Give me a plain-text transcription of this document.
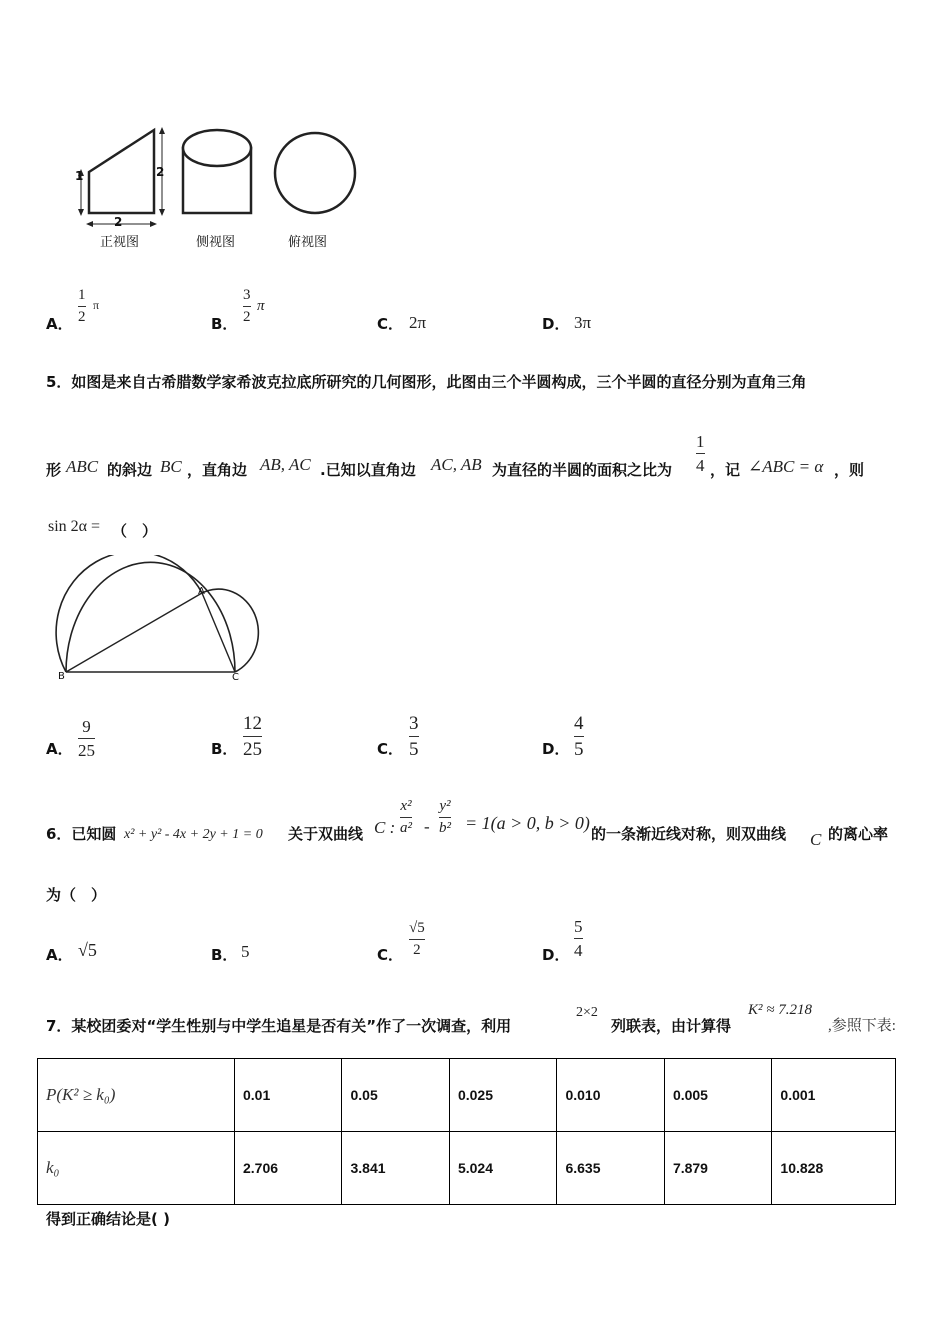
1	2
2
正视图	侧视图	俯视图
A．
1
2
π
B．
3
2
π
C． 2π	D． 3π
5．如图是来自古希腊数学家希波克拉底所研究的几何图形，此图由三个半圆构成，三个半圆的直径分别为直角三角
形 ABC 的斜边 BC ，直角边 AB, AC .已知以直角边 AC, AB 为直径的半圆的面积之比为
1
4 ，记 ∠ABC = α ，则
sin 2α = （　）
A
B	C
A．
9
25	B．
12
25	C．
3
5	D．
4
5
6．已知圆 x² + y² - 4x + 2y + 1 = 0 关于双曲线 C :
x²
a² -
y²
b² = 1(a > 0, b > 0)
的一条渐近线对称，则双曲线 C 的离心率
为（　）
A． √5	B． 5	C．
√5
2	D．
5
4
7．某校团委对“学生性别与中学生追星是否有关”作了一次调查，利用
2×2
列联表，由计算得
K² ≈ 7.218
,参照下表:
P(K² ≥ k₀)	0.01	0.05	0.025	0.010	0.005	0.001
k₀	2.706	3.841	5.024	6.635	7.879	10.828
得到正确结论是( )
